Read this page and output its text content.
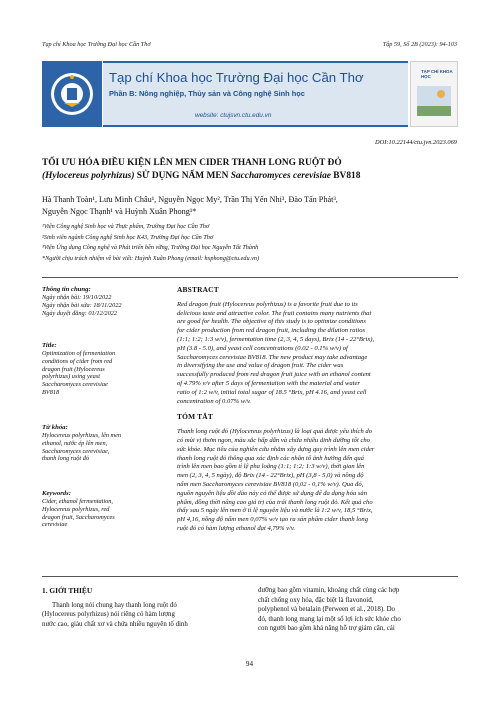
Tạp chí Khoa học Trường Đại học Cần Thơ	Tập 59, Số 2B (2023): 94-103
Tạp chí Khoa học Trường Đại học Cần Thơ
Phần B: Nông nghiệp, Thủy sản và Công nghệ Sinh học
website: ctujsvn.ctu.edu.vn
TẠP CHÍ KHOA HỌC
DOI:10.22144/ctu.jvn.2023.069
TỐI ƯU HÓA ĐIỀU KIỆN LÊN MEN CIDER THANH LONG RUỘT ĐỎ
(Hylocereus polyrhizus) SỬ DỤNG NẤM MEN Saccharomyces cerevisiae BV818
Hà Thanh Toàn¹, Lưu Minh Châu¹, Nguyễn Ngọc My², Trần Thị Yến Nhi³, Đào Tấn Phát³,
Nguyễn Ngọc Thạnh¹ và Huỳnh Xuân Phong¹*
¹Viện Công nghệ Sinh học và Thực phẩm, Trường Đại học Cần Thơ
²Sinh viên ngành Công nghệ Sinh học K43, Trường Đại học Cần Thơ
³Viện Ứng dụng Công nghệ và Phát triển bền vững, Trường Đại học Nguyễn Tất Thành
*Người chịu trách nhiệm về bài viết: Huỳnh Xuân Phong (email: hxphong@ctu.edu.vn)
Thông tin chung:
Ngày nhận bài: 19/10/2022
Ngày nhận bài sửa: 18/11/2022
Ngày duyệt đăng: 01/12/2022
Title:
Optimization of fermentation
conditions of cider from red
dragon fruit (Hylocereus
polyrhizus) using yeast
Saccharomyces cerevisiae
BV818
Từ khóa:
Hylocereus polyrhizus, lên men
ethanol, nước ép lên men,
Saccharomyces cerevisiae,
thanh long ruột đỏ
Keywords:
Cider, ethanol fermentation,
Hylocereus polyrhizus, red
dragon fruit, Saccharomyces
cerevisiae
ABSTRACT
Red dragon fruit (Hylocereus polyrhizus) is a favorite fruit due to its
delicious taste and attractive color. The fruit contains many nutrients that
are good for health. The objective of this study is to optimize conditions
for cider production from red dragon fruit, including the dilution ratios
(1:1; 1:2; 1:3 w/v), fermentation time (2, 3, 4, 5 days), Brix (14 - 22°Brix),
pH (3.8 - 5.0), and yeast cell concentrations (0.02 - 0.1% w/v) of
Saccharomyces cerevisiae BV818. The new product may take advantage
in diversifying the use and value of dragon fruit. The cider was
successfully produced from red dragon fruit juice with an ethanol content
of 4.79% v/v after 5 days of fermentation with the material and water
ratio of 1:2 w/v, initial total sugar of 18.5 °Brix, pH 4.16, and yeast cell
concentration of 0.07% w/v.
TÓM TẮT
Thanh long ruột đỏ (Hylocereus polyrhizus) là loại quả được yêu thích do
có mùi vị thơm ngon, màu sắc hấp dẫn và chứa nhiều dinh dưỡng tốt cho
sức khỏe. Mục tiêu của nghiên cứu nhằm xây dựng quy trình lên men cider
thanh long ruột đỏ thông qua xác định các nhân tố ảnh hưởng đến quá
trình lên men bao gồm tỉ lệ pha loãng (1:1; 1:2; 1:3 w/v), thời gian lên
men (2, 3, 4, 5 ngày), độ Brix (14 - 22°Brix), pH (3,8 - 5,0) và nồng độ
nấm men Saccharomyces cerevisiae BV818 (0,02 - 0,1% w/v). Qua đó,
nguồn nguyên liệu dồi dào này có thể được sử dụng để đa dạng hóa sản
phẩm, đồng thời nâng cao giá trị của trái thanh long ruột đỏ. Kết quả cho
thấy sau 5 ngày lên men ở tỉ lệ nguyên liệu và nước là 1:2 w/v, 18,5 °Brix,
pH 4,16, nồng độ nấm men 0,07% w/v tạo ra sản phẩm cider thanh long
ruột đỏ có hàm lượng ethanol đạt 4,79% v/v.
1. GIỚI THIỆU
Thanh long nói chung hay thanh long ruột đỏ
(Hylocereus polyrhizus) nói riêng có hàm lượng
nước cao, giàu chất xơ và chứa nhiều nguyên tố dinh
dưỡng bao gồm vitamin, khoáng chất cùng các hợp
chất chống oxy hóa, đặc biệt là flavonoid,
polyphenol và betalain (Perween et al., 2018). Do
đó, thanh long mang lại một số lợi ích sức khỏe cho
con người bao gồm khả năng hỗ trợ giảm cân, cải
94
